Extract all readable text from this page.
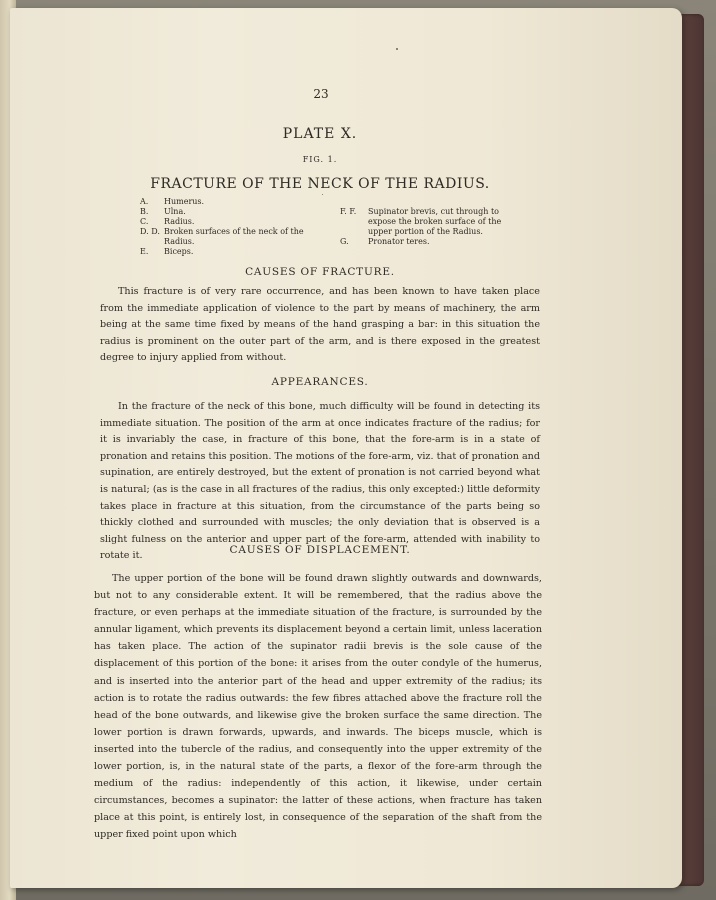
23
PLATE X.
FIG. 1.
FRACTURE OF THE NECK OF THE RADIUS.
A.	Humerus.
B.	Ulna.
C.	Radius.
D. D. Broken surfaces of the neck of the Radius.
E.	Biceps.
F. F.	Supinator brevis, cut through to expose the broken surface of the upper portion of the Radius.
G.	Pronator teres.
CAUSES OF FRACTURE.

This fracture is of very rare occurrence, and has been known to have taken place from the immediate application of violence to the part by means of machinery, the arm being at the same time fixed by means of the hand grasping a bar: in this situation the radius is prominent on the outer part of the arm, and is there exposed in the greatest degree to injury applied from without.

APPEARANCES.

In the fracture of the neck of this bone, much difficulty will be found in detecting its immediate situation. The position of the arm at once indicates fracture of the radius; for it is invariably the case, in fracture of this bone, that the fore-arm is in a state of pronation and retains this position. The motions of the fore-arm, viz. that of pronation and supination, are entirely destroyed, but the extent of pronation is not carried beyond what is natural; (as is the case in all fractures of the radius, this only excepted:) little deformity takes place in fracture at this situation, from the circumstance of the parts being so thickly clothed and surrounded with muscles; the only deviation that is observed is a slight fulness on the anterior and upper part of the fore-arm, attended with inability to rotate it.	CAUSES OF DISPLACEMENT.

The upper portion of the bone will be found drawn slightly outwards and downwards, but not to any considerable extent. It will be remembered, that the radius above the fracture, or even perhaps at the immediate situation of the fracture, is surrounded by the annular ligament, which prevents its displacement beyond a certain limit, unless laceration has taken place. The action of the supinator radii brevis is the sole cause of the displacement of this portion of the bone: it arises from the outer condyle of the humerus, and is inserted into the anterior part of the head and upper extremity of the radius; its action is to rotate the radius outwards: the few fibres attached above the fracture roll the head of the bone outwards, and likewise give the broken surface the same direction. The lower portion is drawn forwards, upwards, and inwards. The biceps muscle, which is inserted into the tubercle of the radius, and consequently into the upper extremity of the lower portion, is, in the natural state of the parts, a flexor of the fore-arm through the medium of the radius: independently of this action, it likewise, under certain circumstances, becomes a supinator: the latter of these actions, when fracture has taken place at this point, is entirely lost, in consequence of the separation of the shaft from the upper fixed point upon which
